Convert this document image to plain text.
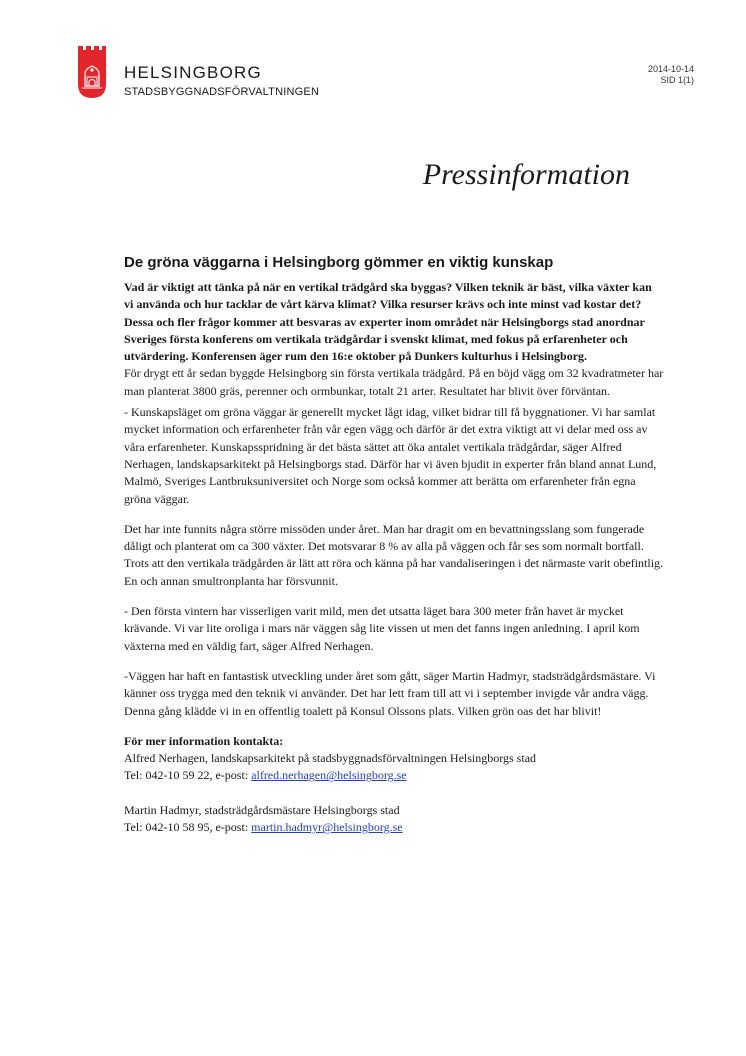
HELSINGBORG
STADSBYGGNADSFÖRVALTNINGEN
2014-10-14
SID 1(1)
Pressinformation
De gröna väggarna i Helsingborg gömmer en viktig kunskap

Vad är viktigt att tänka på när en vertikal trädgård ska byggas? Vilken teknik är bäst, vilka växter kan vi använda och hur tacklar de vårt kärva klimat? Vilka resurser krävs och inte minst vad kostar det? Dessa och fler frågor kommer att besvaras av experter inom området när Helsingborgs stad anordnar Sveriges första konferens om vertikala trädgårdar i svenskt klimat, med fokus på erfarenheter och utvärdering. Konferensen äger rum den 16:e oktober på Dunkers kulturhus i Helsingborg.

För drygt ett år sedan byggde Helsingborg sin första vertikala trädgård. På en böjd vägg om 32 kvadratmeter har man planterat 3800 gräs, perenner och ormbunkar, totalt 21 arter. Resultatet har blivit över förväntan.

- Kunskapsläget om gröna väggar är generellt mycket lågt idag, vilket bidrar till få byggnationer. Vi har samlat mycket information och erfarenheter från vår egen vägg och därför är det extra viktigt att vi delar med oss av våra erfarenheter. Kunskapsspridning är det bästa sättet att öka antalet vertikala trädgårdar, säger Alfred Nerhagen, landskapsarkitekt på Helsingborgs stad. Därför har vi även bjudit in experter från bland annat Lund, Malmö, Sveriges Lantbruksuniversitet och Norge som också kommer att berätta om erfarenheter från egna gröna väggar.

Det har inte funnits några större missöden under året. Man har dragit om en bevattningsslang som fungerade dåligt och planterat om ca 300 växter. Det motsvarar 8 % av alla på väggen och får ses som normalt bortfall. Trots att den vertikala trädgården är lätt att röra och känna på har vandaliseringen i det närmaste varit obefintlig. En och annan smultronplanta har försvunnit.

- Den första vintern har visserligen varit mild, men det utsatta läget bara 300 meter från havet är mycket krävande. Vi var lite oroliga i mars när väggen såg lite vissen ut men det fanns ingen anledning. I april kom växterna med en väldig fart, säger Alfred Nerhagen.

-Väggen har haft en fantastisk utveckling under året som gått, säger Martin Hadmyr, stadsträdgårdsmästare. Vi känner oss trygga med den teknik vi använder. Det har lett fram till att vi i september invigde vår andra vägg. Denna gång klädde vi in en offentlig toalett på Konsul Olssons plats. Vilken grön oas det har blivit!

För mer information kontakta:
Alfred Nerhagen, landskapsarkitekt på stadsbyggnadsförvaltningen Helsingborgs stad
Tel: 042-10 59 22, e-post: alfred.nerhagen@helsingborg.se
Martin Hadmyr, stadsträdgårdsmästare Helsingborgs stad
Tel: 042-10 58 95, e-post: martin.hadmyr@helsingborg.se
